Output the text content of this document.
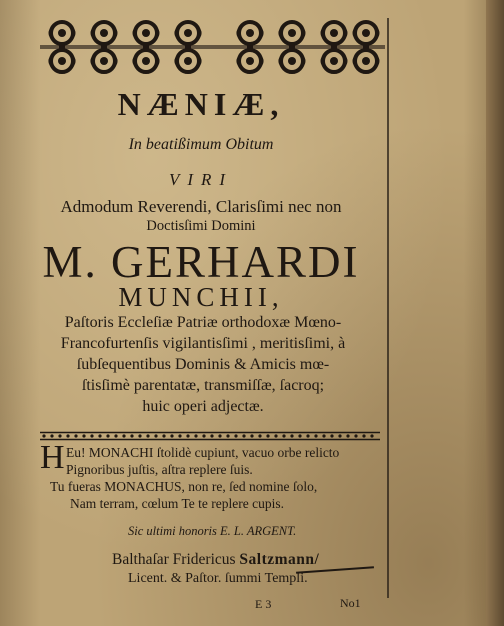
NÆNIÆ,
In beatißimum Obitum
VIRI
Admodum Reverendi, Clarisſimi nec non
Doctisſimi Domini
M. GERHARDI
MUNCHII,
Paſtoris Eccleſiæ Patriæ orthodoxæ Mœno-
Francofurtenſis vigilantisſimi , meritisſimi, à
ſubſequentibus Dominis & Amicis mœ-
ſtisſimè parentatæ, transmiſſæ, ſacroq;
huic operi adjectæ.
H Eu! MONACHI ſtolidè cupiunt, vacuo orbe relicto
Pignoribus juſtis, aſtra replere ſuis.
Tu fueras MONACHUS, non re, ſed nomine ſolo,
Nam terram, cœlum Te te replere cupis.
Sic ultimi honoris E. L. ARGENT.
Balthaſar Fridericus Saltzmann/
Licent. & Paſtor. ſummi Templi.
E 3	No1
